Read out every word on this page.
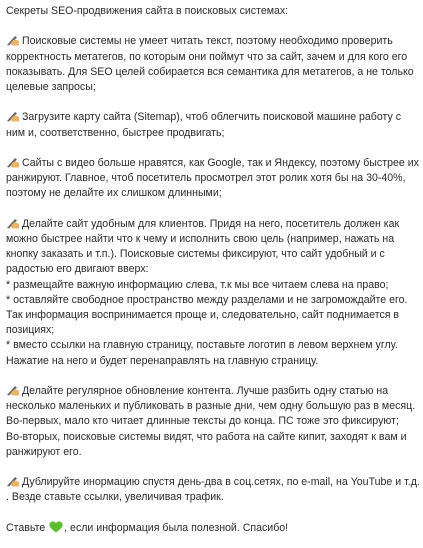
Секреты SEO-продвижения сайта в поисковых системах:

Поисковые системы не умеет читать текст, поэтому необходимо проверить корректность метатегов, по которым они поймут что за сайт, зачем и для кого его показывать. Для SEO целей собирается вся семантика для метатегов, а не только целевые запросы;

Загрузите карту сайта (Sitemap), чтоб облегчить поисковой машине работу с ним и, соответственно, быстрее продвигать;

Сайты с видео больше нравятся, как Google, так и Яндексу, поэтому быстрее их ранжируют. Главное, чтоб посетитель просмотрел этот ролик хотя бы на 30-40%, поэтому не делайте их слишком длинными;

Делайте сайт удобным для клиентов. Придя на него, посетитель должен как можно быстрее найти что к чему и исполнить свою цель (например, нажать на кнопку заказать и т.п.). Поисковые системы фиксируют, что сайт удобный и с радостью его двигают вверх:

* размещайте важную информацию слева, т.к мы все читаем слева на право;

* оставляйте свободное пространство между разделами и не загромождайте его. Так информация воспринимается проще и, следовательно, сайт поднимается в позициях;

* вместо ссылки на главную страницу, поставьте логотип в левом верхнем углу. Нажатие на него и будет перенаправлять на главную страницу.

Делайте регулярное обновление контента. Лучше разбить одну статью на несколько маленьких и публиковать в разные дни, чем одну большую раз в месяц.

Во-первых, мало кто читает длинные тексты до конца. ПС тоже это фиксируют;

Во-вторых, поисковые системы видят, что работа на сайте кипит, заходят к вам и ранжируют его.

Дублируйте инормацию спустя день-два в соц.сетях, по e-mail, на YouTube и т.д. . Везде ставьте ссылки, увеличивая трафик.

Ставьте , если информация была полезной. Спасибо!
